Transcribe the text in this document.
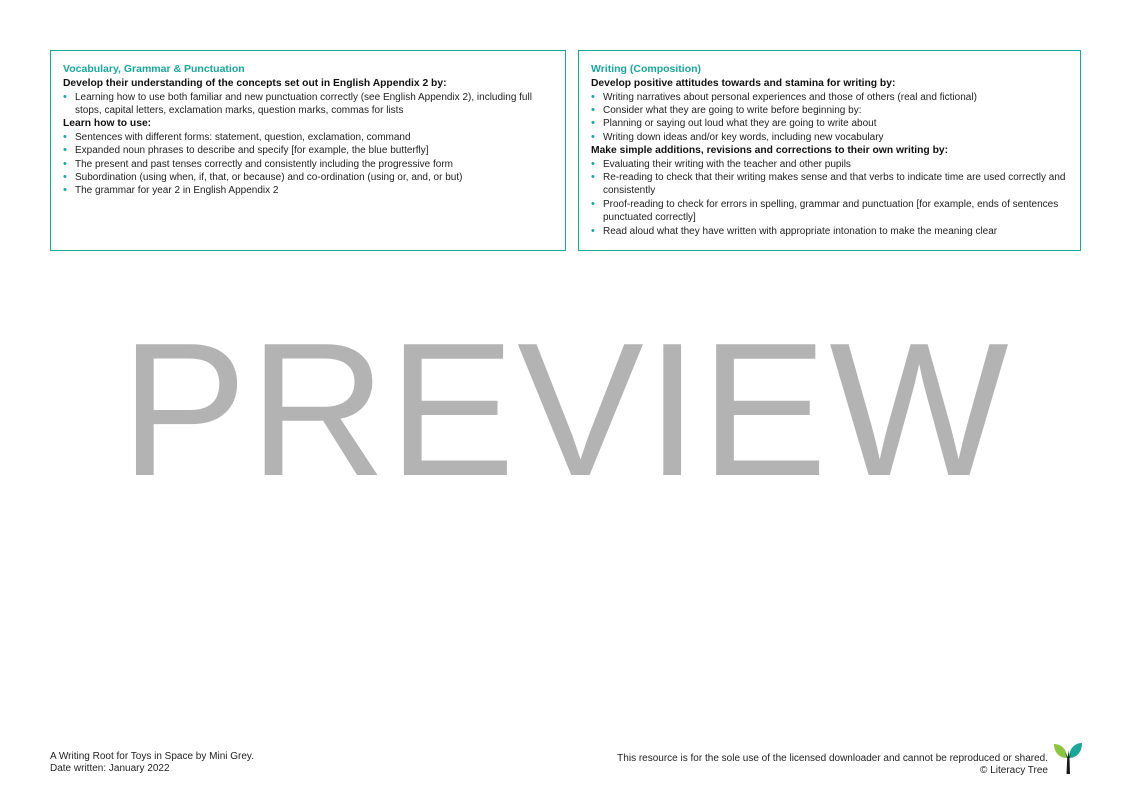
Vocabulary, Grammar & Punctuation
Develop their understanding of the concepts set out in English Appendix 2 by:
• Learning how to use both familiar and new punctuation correctly (see English Appendix 2), including full stops, capital letters, exclamation marks, question marks, commas for lists
Learn how to use:
• Sentences with different forms: statement, question, exclamation, command
• Expanded noun phrases to describe and specify [for example, the blue butterfly]
• The present and past tenses correctly and consistently including the progressive form
• Subordination (using when, if, that, or because) and co-ordination (using or, and, or but)
• The grammar for year 2 in English Appendix 2
Writing (Composition)
Develop positive attitudes towards and stamina for writing by:
• Writing narratives about personal experiences and those of others (real and fictional)
• Consider what they are going to write before beginning by:
• Planning or saying out loud what they are going to write about
• Writing down ideas and/or key words, including new vocabulary
Make simple additions, revisions and corrections to their own writing by:
• Evaluating their writing with the teacher and other pupils
• Re-reading to check that their writing makes sense and that verbs to indicate time are used correctly and consistently
• Proof-reading to check for errors in spelling, grammar and punctuation [for example, ends of sentences punctuated correctly]
• Read aloud what they have written with appropriate intonation to make the meaning clear
PREVIEW
A Writing Root for Toys in Space by Mini Grey.
Date written: January 2022
This resource is for the sole use of the licensed downloader and cannot be reproduced or shared.
© Literacy Tree
